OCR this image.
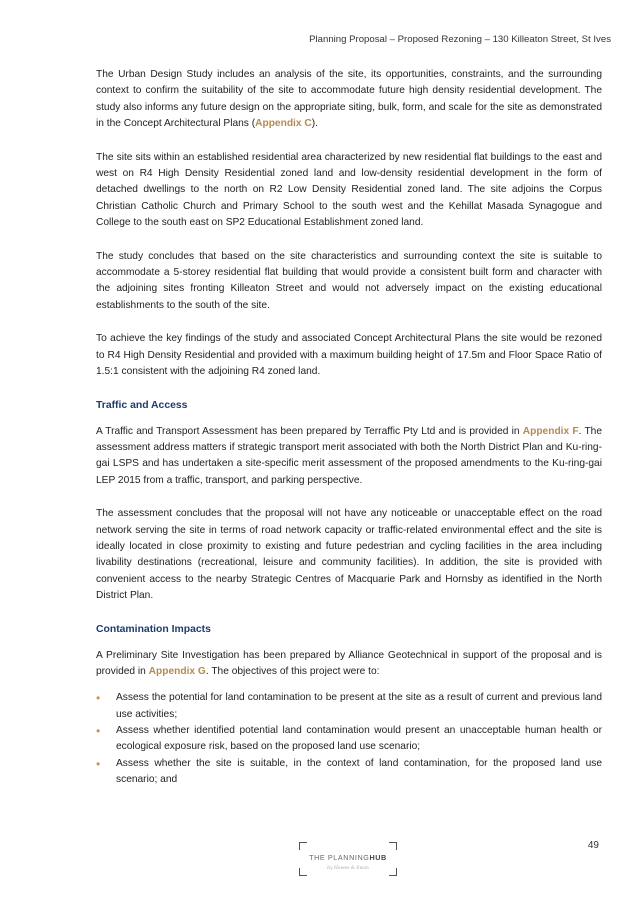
Planning Proposal – Proposed Rezoning – 130 Killeaton Street, St Ives

The Urban Design Study includes an analysis of the site, its opportunities, constraints, and the surrounding context to confirm the suitability of the site to accommodate future high density residential development. The study also informs any future design on the appropriate siting, bulk, form, and scale for the site as demonstrated in the Concept Architectural Plans (Appendix C).

The site sits within an established residential area characterized by new residential flat buildings to the east and west on R4 High Density Residential zoned land and low-density residential development in the form of detached dwellings to the north on R2 Low Density Residential zoned land. The site adjoins the Corpus Christian Catholic Church and Primary School to the south west and the Kehillat Masada Synagogue and College to the south east on SP2 Educational Establishment zoned land.

The study concludes that based on the site characteristics and surrounding context the site is suitable to accommodate a 5-storey residential flat building that would provide a consistent built form and character with the adjoining sites fronting Killeaton Street and would not adversely impact on the existing educational establishments to the south of the site.

To achieve the key findings of the study and associated Concept Architectural Plans the site would be rezoned to R4 High Density Residential and provided with a maximum building height of 17.5m and Floor Space Ratio of 1.5:1 consistent with the adjoining R4 zoned land.

Traffic and Access

A Traffic and Transport Assessment has been prepared by Terraffic Pty Ltd and is provided in Appendix F. The assessment address matters if strategic transport merit associated with both the North District Plan and Ku-ring-gai LSPS and has undertaken a site-specific merit assessment of the proposed amendments to the Ku-ring-gai LEP 2015 from a traffic, transport, and parking perspective.

The assessment concludes that the proposal will not have any noticeable or unacceptable effect on the road network serving the site in terms of road network capacity or traffic-related environmental effect and the site is ideally located in close proximity to existing and future pedestrian and cycling facilities in the area including livability destinations (recreational, leisure and community facilities). In addition, the site is provided with convenient access to the nearby Strategic Centres of Macquarie Park and Hornsby as identified in the North District Plan.

Contamination Impacts

A Preliminary Site Investigation has been prepared by Alliance Geotechnical in support of the proposal and is provided in Appendix G. The objectives of this project were to:

• Assess the potential for land contamination to be present at the site as a result of current and previous land use activities;
• Assess whether identified potential land contamination would present an unacceptable human health or ecological exposure risk, based on the proposed land use scenario;
• Assess whether the site is suitable, in the context of land contamination, for the proposed land use scenario; and
49
THE PLANNINGHUB
by Hawes & Swan
